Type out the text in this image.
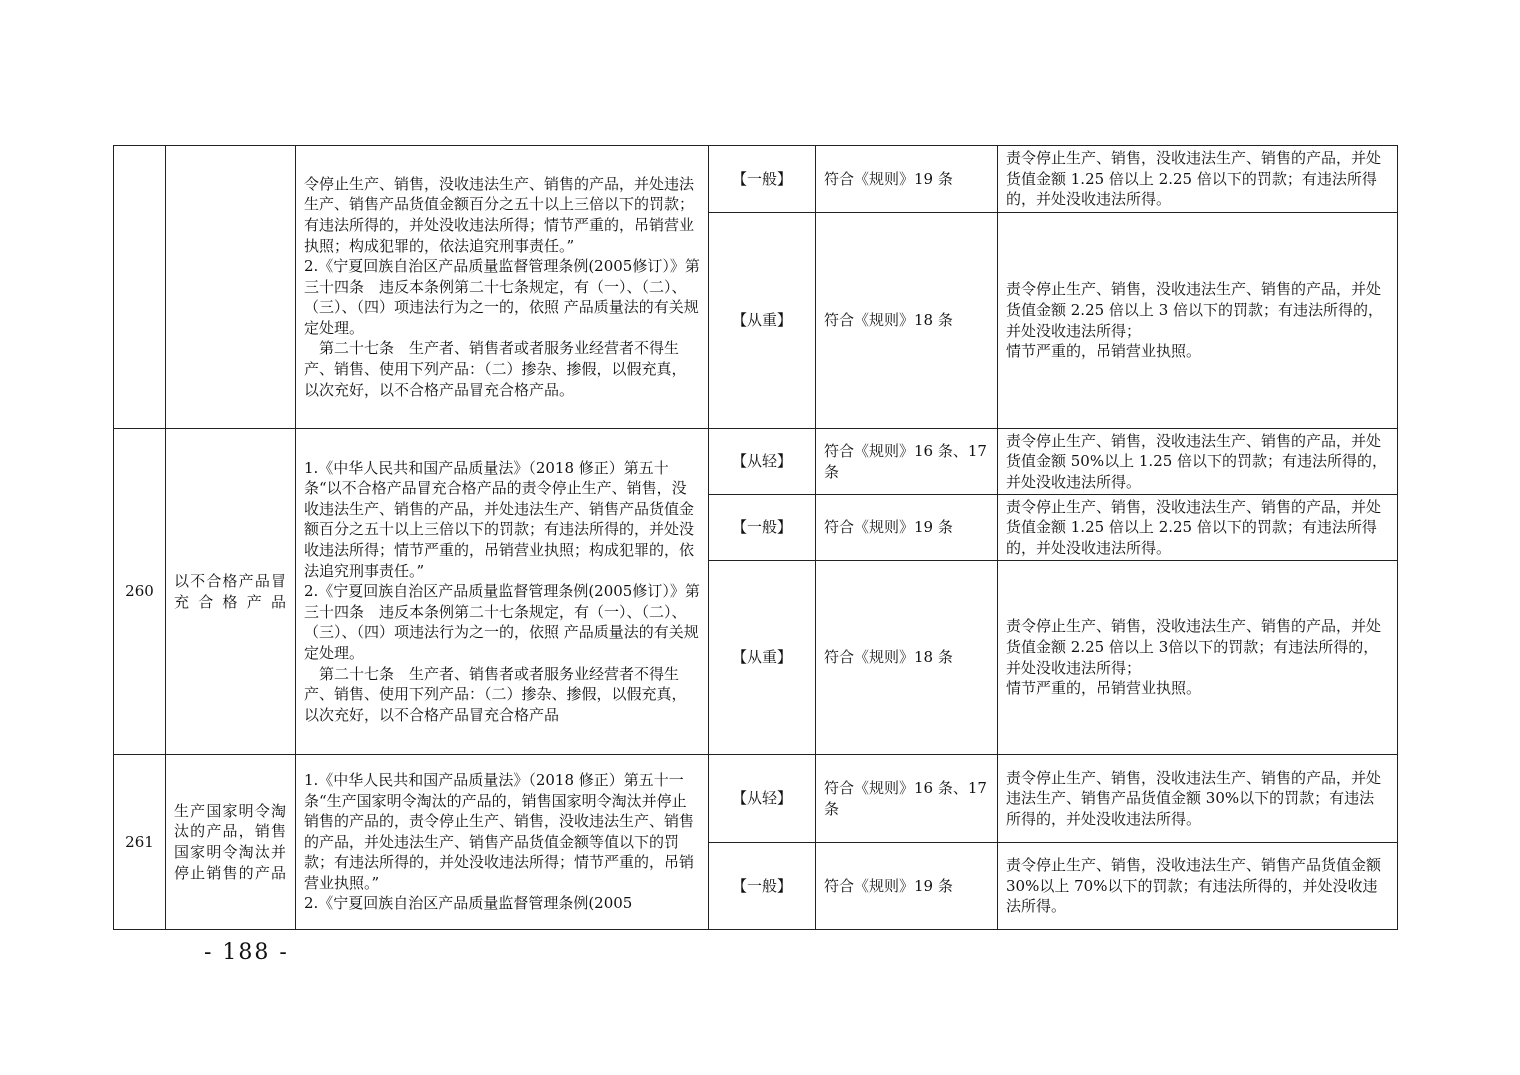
		令停止生产、销售，没收违法生产、销售的产品，并处违法生产、销售产品货值金额百分之五十以上三倍以下的罚款；有违法所得的，并处没收违法所得；情节严重的，吊销营业执照；构成犯罪的，依法追究刑事责任。”
2.《宁夏回族自治区产品质量监督管理条例(2005修订）》第三十四条　违反本条例第二十七条规定，有（一）、（二）、（三）、（四）项违法行为之一的，依照 产品质量法的有关规定处理。
　第二十七条　生产者、销售者或者服务业经营者不得生产、销售、使用下列产品：（二）掺杂、掺假，以假充真，以次充好，以不合格产品冒充合格产品。	【一般】	符合《规则》19 条	责令停止生产、销售，没收违法生产、销售的产品，并处货值金额 1.25 倍以上 2.25 倍以下的罚款；有违法所得的，并处没收违法所得。
			【从重】	符合《规则》18 条	责令停止生产、销售，没收违法生产、销售的产品，并处货值金额 2.25 倍以上 3 倍以下的罚款；有违法所得的，并处没收违法所得；
情节严重的，吊销营业执照。
260	以不合格产品冒充合格产品	1.《中华人民共和国产品质量法》（2018 修正）第五十条“以不合格产品冒充合格产品的责令停止生产、销售，没收违法生产、销售的产品，并处违法生产、销售产品货值金额百分之五十以上三倍以下的罚款；有违法所得的，并处没收违法所得；情节严重的，吊销营业执照；构成犯罪的，依法追究刑事责任。”
2.《宁夏回族自治区产品质量监督管理条例(2005修订）》第三十四条　违反本条例第二十七条规定，有（一）、（二）、（三）、（四）项违法行为之一的，依照 产品质量法的有关规定处理。
　第二十七条　生产者、销售者或者服务业经营者不得生产、销售、使用下列产品：（二）掺杂、掺假，以假充真，以次充好，以不合格产品冒充合格产品	【从轻】	符合《规则》16 条、17 条	责令停止生产、销售，没收违法生产、销售的产品，并处货值金额 50%以上 1.25 倍以下的罚款；有违法所得的，并处没收违法所得。
			【一般】	符合《规则》19 条	责令停止生产、销售，没收违法生产、销售的产品，并处货值金额 1.25 倍以上 2.25 倍以下的罚款；有违法所得的，并处没收违法所得。
			【从重】	符合《规则》18 条	责令停止生产、销售，没收违法生产、销售的产品，并处货值金额 2.25 倍以上 3倍以下的罚款；有违法所得的，并处没收违法所得；
情节严重的，吊销营业执照。
261	生产国家明令淘汰的产品，销售国家明令淘汰并停止销售的产品	1.《中华人民共和国产品质量法》（2018 修正）第五十一条“生产国家明令淘汰的产品的，销售国家明令淘汰并停止销售的产品的，责令停止生产、销售，没收违法生产、销售的产品，并处违法生产、销售产品货值金额等值以下的罚款；有违法所得的，并处没收违法所得；情节严重的，吊销营业执照。”
2.《宁夏回族自治区产品质量监督管理条例(2005	【从轻】	符合《规则》16 条、17 条	责令停止生产、销售，没收违法生产、销售的产品，并处违法生产、销售产品货值金额 30%以下的罚款；有违法所得的，并处没收违法所得。
			【一般】	符合《规则》19 条	责令停止生产、销售，没收违法生产、销售产品货值金额 30%以上 70%以下的罚款；有违法所得的，并处没收违法所得。
- 188 -
